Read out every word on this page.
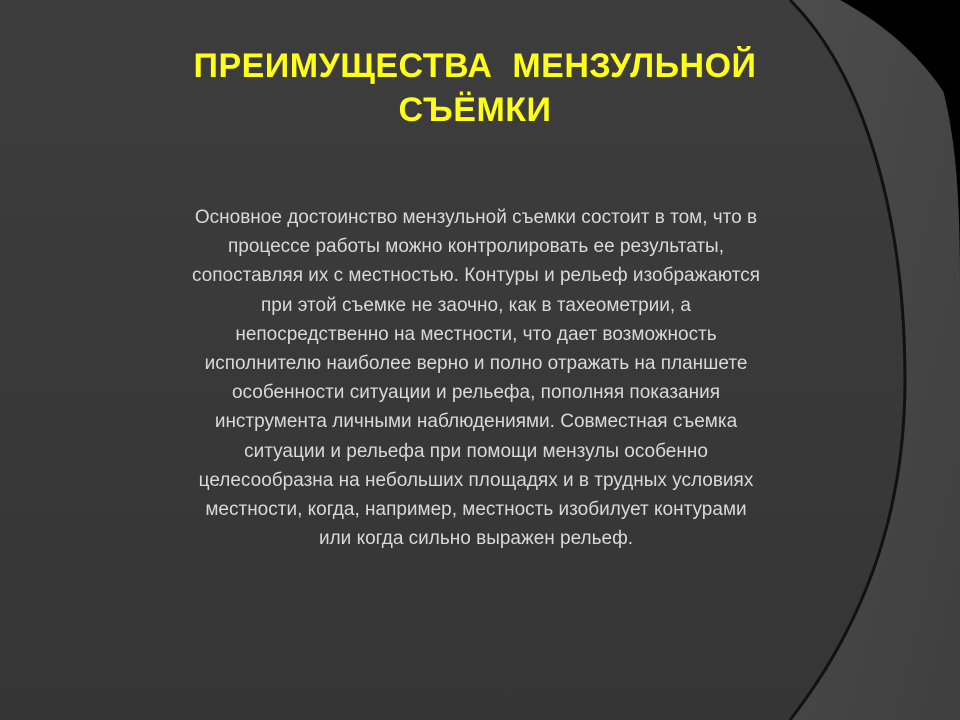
ПРЕИМУЩЕСТВА  МЕНЗУЛЬНОЙ
СЪЁМКИ
Основное достоинство мензульной съемки состоит в том, что в
процессе работы можно контролировать ее результаты,
сопоставляя их с местностью. Контуры и рельеф изображаются
при этой съемке не заочно, как в тахеометрии, а
непосредственно на местности, что дает возможность
исполнителю наиболее верно и полно отражать на планшете
особенности ситуации и рельефа, пополняя показания
инструмента личными наблюдениями. Совместная съемка
ситуации и рельефа при помощи мензулы особенно
целесообразна на небольших площадях и в трудных условиях
местности, когда, например, местность изобилует контурами
или когда сильно выражен рельеф.
